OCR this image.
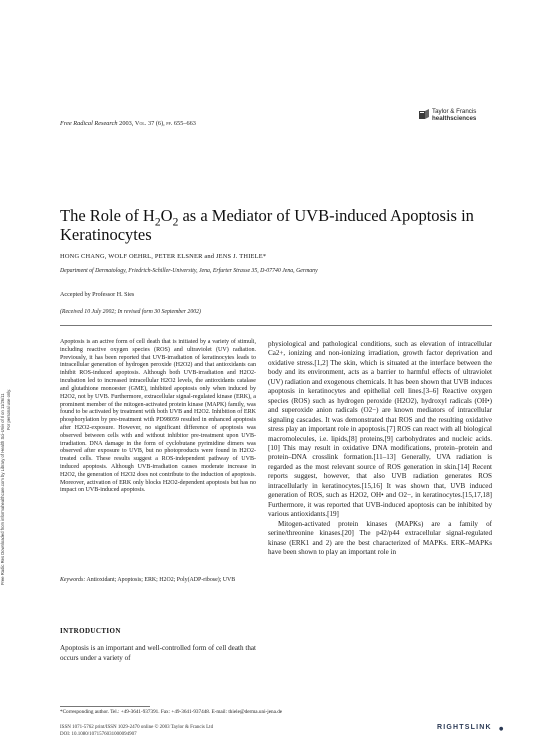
Free Radic Res Downloaded from informahealthcare.com by Library of Health Sci-Univ of Il on 11/26/11 For personal use only.
Free Radical Research 2003, Vol. 37 (6), pp. 655–663
Taylor & Francis
healthsciences
The Role of $H_2O_2$ as a Mediator of UVB-induced Apoptosis in Keratinocytes
HONG CHANG, WOLF OEHRL, PETER ELSNER and JENS J. THIELE*
Department of Dermatology, Friedrich-Schiller-University, Jena, Erfurter Strasse 35, D-07740 Jena, Germany
Accepted by Professor H. Sies
(Received 10 July 2002; In revised form 30 September 2002)
Apoptosis is an active form of cell death that is initiated by a variety of stimuli, including reactive oxygen species (ROS) and ultraviolet (UV) radiation. Previously, it has been reported that UVB-irradiation of keratinocytes leads to intracellular generation of hydrogen peroxide (H2O2) and that antioxidants can inhibit ROS-induced apoptosis. Although both UVB-irradiation and H2O2-incubation led to increased intracellular H2O2 levels, the antioxidants catalase and glutathione monoester (GME), inhibited apoptosis only when induced by H2O2, not by UVB. Furthermore, extracellular signal-regulated kinase (ERK), a prominent member of the mitogen-activated protein kinase (MAPK) family, was found to be activated by treatment with both UVB and H2O2. Inhibition of ERK phosphorylation by pre-treatment with PD98059 resulted in enhanced apoptosis after H2O2-exposure. However, no significant difference of apoptosis was observed between cells with and without inhibitor pre-treatment upon UVB-irradiation. DNA damage in the form of cyclobutane pyrimidine dimers was observed after exposure to UVB, but no photoproducts were found in H2O2-treated cells. These results suggest a ROS-independent pathway of UVB-induced apoptosis. Although UVB-irradiation causes moderate increase in H2O2, the generation of H2O2 does not contribute to the induction of apoptosis. Moreover, activation of ERK only blocks H2O2-dependent apoptosis but has no impact on UVB-induced apoptosis.
Keywords: Antioxidant; Apoptosis; ERK; H2O2; Poly(ADP-ribose); UVB
INTRODUCTION
Apoptosis is an important and well-controlled form of cell death that occurs under a variety of

physiological and pathological conditions, such as elevation of intracellular Ca2+, ionizing and non-ionizing irradiation, growth factor deprivation and oxidative stress.[1,2] The skin, which is situated at the interface between the body and its environment, acts as a barrier to harmful effects of ultraviolet (UV) radiation and exogenous chemicals. It has been shown that UVB induces apoptosis in keratinocytes and epithelial cell lines.[3–6] Reactive oxygen species (ROS) such as hydrogen peroxide (H2O2), hydroxyl radicals (OH•) and superoxide anion radicals (O2−) are known mediators of intracellular signaling cascades. It was demonstrated that ROS and the resulting oxidative stress play an important role in apoptosis.[7] ROS can react with all biological macromolecules, i.e. lipids,[8] proteins,[9] carbohydrates and nucleic acids.[10] This may result in oxidative DNA modifications, protein–protein and protein–DNA crosslink formation.[11–13] Generally, UVA radiation is regarded as the most relevant source of ROS generation in skin.[14] Recent reports suggest, however, that also UVB radiation generates ROS intracellularly in keratinocytes.[15,16] It was shown that, UVB induced generation of ROS, such as H2O2, OH• and O2−, in keratinocytes.[15,17,18] Furthermore, it was reported that UVB-induced apoptosis can be inhibited by various antioxidants.[19]

Mitogen-activated protein kinases (MAPKs) are a family of serine/threonine kinases.[20] The p42/p44 extracellular signal-regulated kinase (ERK1 and 2) are the best characterized of MAPKs. ERK–MAPKs have been shown to play an important role in

*Corresponding author. Tel.: +49-3641-937391. Fax: +49-3641-937448. E-mail: thiele@derma.uni-jena.de
ISSN 1071-5762 print/ISSN 1029-2470 online © 2003 Taylor & Francis Ltd
DOI: 10.1080/1071576031000094907
RIGHTSLINK ●
